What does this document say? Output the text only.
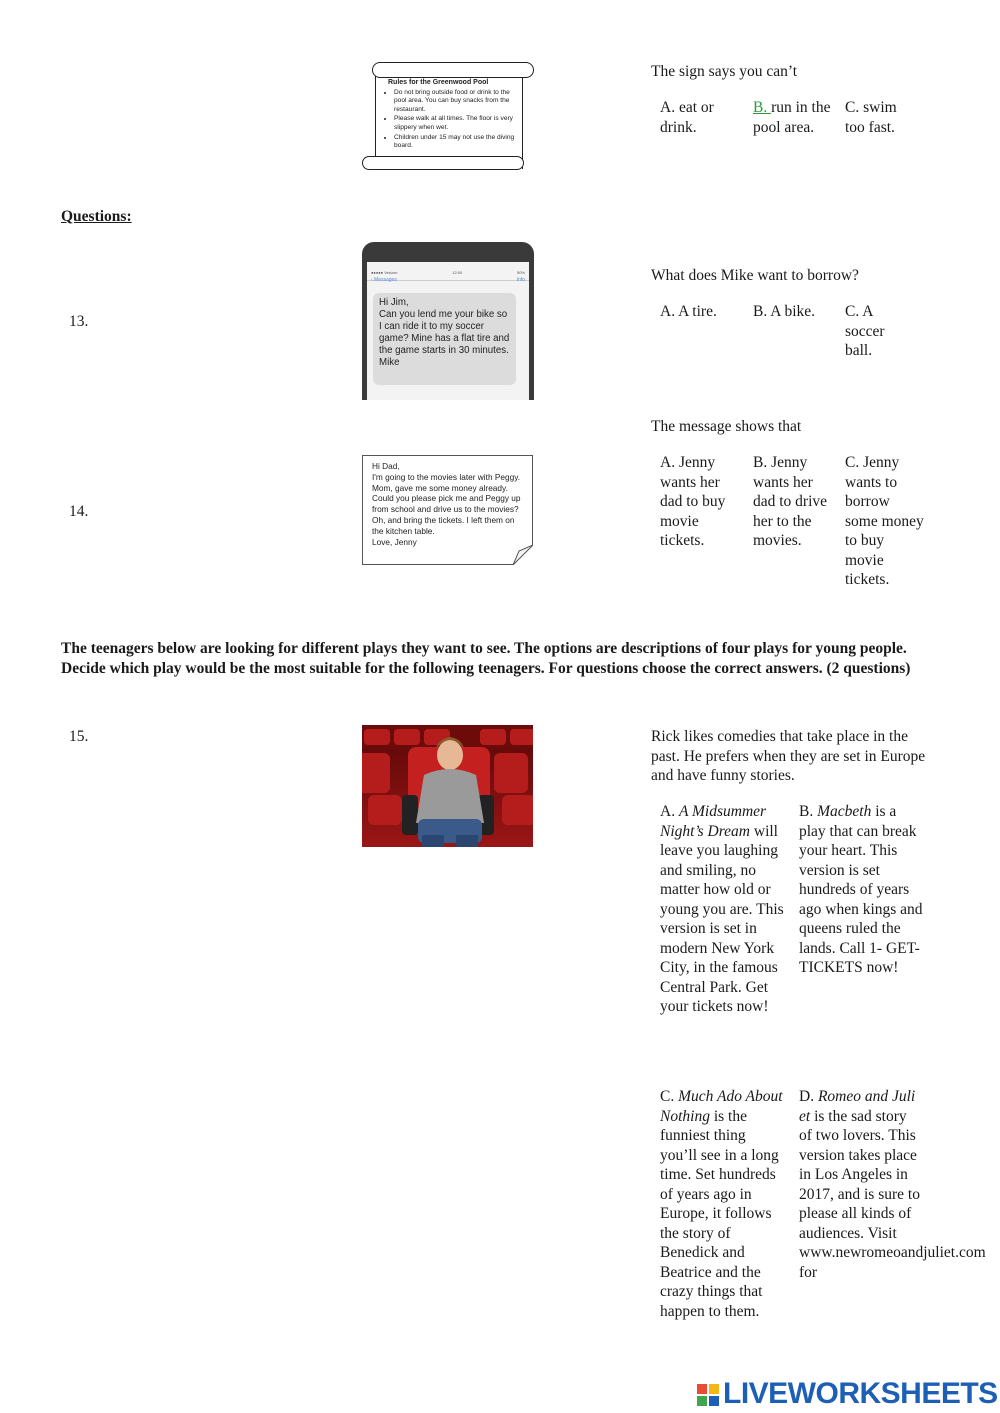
Rules for the Greenwood Pool
• Do not bring outside food or drink to the pool area. You can buy snacks from the restaurant.
• Please walk at all times. The floor is very slippery when wet.
• Children under 15 may not use the diving board.
The sign says you can’t
A. eat or drink.
B. run in the pool area.
C. swim too fast.
Questions:
13.
●●●●● Verizon	12:00	50%
‹ Messages	Info
Hi Jim,
Can you lend me your bike so I can ride it to my soccer game? Mine has a flat tire and the game starts in 30 minutes.
Mike
What does Mike want to borrow?
A. A tire.	B. A bike.	C. A soccer ball.
14.
Hi Dad,
I'm going to the movies later with Peggy. Mom, gave me some money already. Could you please pick me and Peggy up from school and drive us to the movies? Oh, and bring the tickets. I left them on the kitchen table.
Love, Jenny
The message shows that
A. Jenny wants her dad to buy movie tickets.
B. Jenny wants her dad to drive her to the movies.
C. Jenny wants to borrow some money to buy movie tickets.
The teenagers below are looking for different plays they want to see. The options are descriptions of four plays for young people. Decide which play would be the most suitable for the following teenagers. For questions choose the correct answers. (2 questions)
15.	Rick likes comedies that take place in the past. He prefers when they are set in Europe and have funny stories.
A. A Midsummer Night’s Dream will leave you laughing and smiling, no matter how old or young you are. This version is set in modern New York City, in the famous Central Park. Get your tickets now!
B. Macbeth is a play that can break your heart. This version is set hundreds of years ago when kings and queens ruled the lands. Call 1- GET-TICKETS now!
C. Much Ado About Nothing is the funniest thing you’ll see in a long time. Set hundreds of years ago in Europe, it follows the story of Benedick and Beatrice and the crazy things that happen to them.
D. Romeo and Juliet is the sad story of two lovers. This version takes place in Los Angeles in 2017, and is sure to please all kinds of audiences. Visit www.newromeoandjuliet.com for
LIVEWORKSHEETS
